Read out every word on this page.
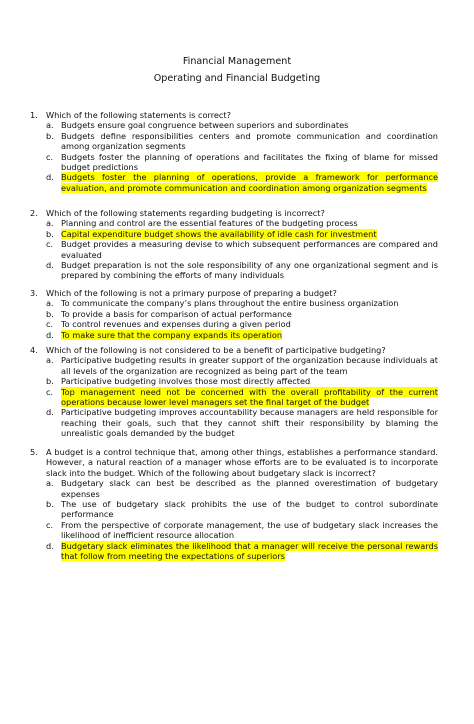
Financial Management
Operating and Financial Budgeting
1. Which of the following statements is correct?
a. Budgets ensure goal congruence between superiors and subordinates
b. Budgets define responsibilities centers and promote communication and coordination among organization segments
c. Budgets foster the planning of operations and facilitates the fixing of blame for missed budget predictions
d. Budgets foster the planning of operations, provide a framework for performance evaluation, and promote communication and coordination among organization segments
2. Which of the following statements regarding budgeting is incorrect?
a. Planning and control are the essential features of the budgeting process
b. Capital expenditure budget shows the availability of idle cash for investment
c. Budget provides a measuring devise to which subsequent performances are compared and evaluated
d. Budget preparation is not the sole responsibility of any one organizational segment and is prepared by combining the efforts of many individuals
3. Which of the following is not a primary purpose of preparing a budget?
a. To communicate the company’s plans throughout the entire business organization
b. To provide a basis for comparison of actual performance
c. To control revenues and expenses during a given period
d. To make sure that the company expands its operation
4. Which of the following is not considered to be a benefit of participative budgeting?
a. Participative budgeting results in greater support of the organization because individuals at all levels of the organization are recognized as being part of the team
b. Participative budgeting involves those most directly affected
c. Top management need not be concerned with the overall profitability of the current operations because lower level managers set the final target of the budget
d. Participative budgeting improves accountability because managers are held responsible for reaching their goals, such that they cannot shift their responsibility by blaming the unrealistic goals demanded by the budget
5. A budget is a control technique that, among other things, establishes a performance standard. However, a natural reaction of a manager whose efforts are to be evaluated is to incorporate slack into the budget. Which of the following about budgetary slack is incorrect?
a. Budgetary slack can best be described as the planned overestimation of budgetary expenses
b. The use of budgetary slack prohibits the use of the budget to control subordinate performance
c. From the perspective of corporate management, the use of budgetary slack increases the likelihood of inefficient resource allocation
d. Budgetary slack eliminates the likelihood that a manager will receive the personal rewards that follow from meeting the expectations of superiors
